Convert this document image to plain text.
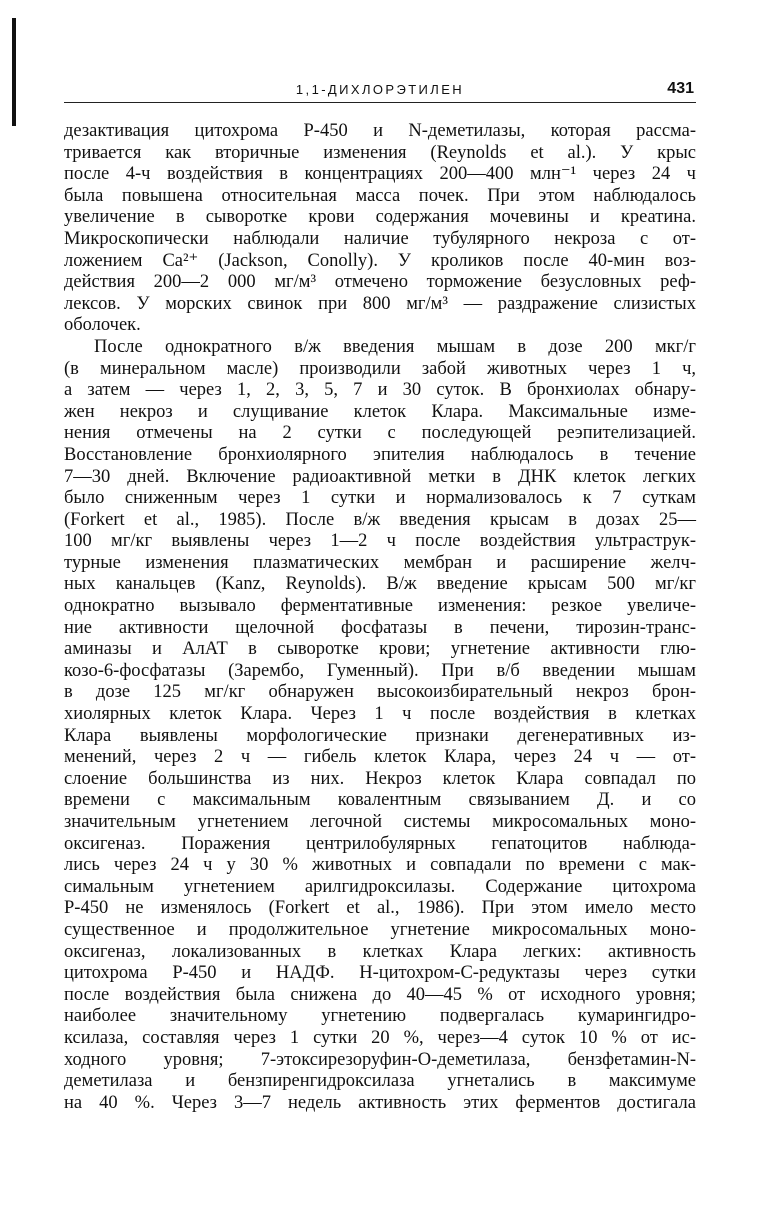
1,1-ДИХЛОРЭТИЛЕН	431
дезактивация цитохрома Р-450 и N-деметилазы, которая рассма-
тривается как вторичные изменения (Reynolds et al.). У крыс
после 4-ч воздействия в концентрациях 200—400 млн⁻¹ через 24 ч
была повышена относительная масса почек. При этом наблюдалось
увеличение в сыворотке крови содержания мочевины и креатина.
Микроскопически наблюдали наличие тубулярного некроза с от-
ложением Ca²⁺ (Jackson, Conolly). У кроликов после 40-мин воз-
действия 200—2 000 мг/м³ отмечено торможение безусловных реф-
лексов. У морских свинок при 800 мг/м³ — раздражение слизистых
оболочек.
После однократного в/ж введения мышам в дозе 200 мкг/г
(в минеральном масле) производили забой животных через 1 ч,
а затем — через 1, 2, 3, 5, 7 и 30 суток. В бронхиолах обнару-
жен некроз и слущивание клеток Клара. Максимальные изме-
нения отмечены на 2 сутки с последующей реэпителизацией.
Восстановление бронхиолярного эпителия наблюдалось в течение
7—30 дней. Включение радиоактивной метки в ДНК клеток легких
было сниженным через 1 сутки и нормализовалось к 7 суткам
(Forkert et al., 1985). После в/ж введения крысам в дозах 25—
100 мг/кг выявлены через 1—2 ч после воздействия ультраструк-
турные изменения плазматических мембран и расширение желч-
ных канальцев (Kanz, Reynolds). В/ж введение крысам 500 мг/кг
однократно вызывало ферментативные изменения: резкое увеличе-
ние активности щелочной фосфатазы в печени, тирозин-транс-
аминазы и АлАТ в сыворотке крови; угнетение активности глю-
козо-6-фосфатазы (Зарембо, Гуменный). При в/б введении мышам
в дозе 125 мг/кг обнаружен высокоизбирательный некроз брон-
хиолярных клеток Клара. Через 1 ч после воздействия в клетках
Клара выявлены морфологические признаки дегенеративных из-
менений, через 2 ч — гибель клеток Клара, через 24 ч — от-
слоение большинства из них. Некроз клеток Клара совпадал по
времени с максимальным ковалентным связыванием Д. и со
значительным угнетением легочной системы микросомальных моно-
оксигеназ. Поражения центрилобулярных гепатоцитов наблюда-
лись через 24 ч у 30 % животных и совпадали по времени с мак-
симальным угнетением арилгидроксилазы. Содержание цитохрома
Р-450 не изменялось (Forkert et al., 1986). При этом имело место
существенное и продолжительное угнетение микросомальных моно-
оксигеназ, локализованных в клетках Клара легких: активность
цитохрома Р-450 и НАДФ. Н-цитохром-С-редуктазы через сутки
после воздействия была снижена до 40—45 % от исходного уровня;
наиболее значительному угнетению подвергалась кумарингидро-
ксилаза, составляя через 1 сутки 20 %, через—4 суток 10 % от ис-
ходного уровня; 7-этоксирезоруфин-О-деметилаза, бензфетамин-N-
деметилаза и бензпиренгидроксилаза угнетались в максимуме
на 40 %. Через 3—7 недель активность этих ферментов достигала
